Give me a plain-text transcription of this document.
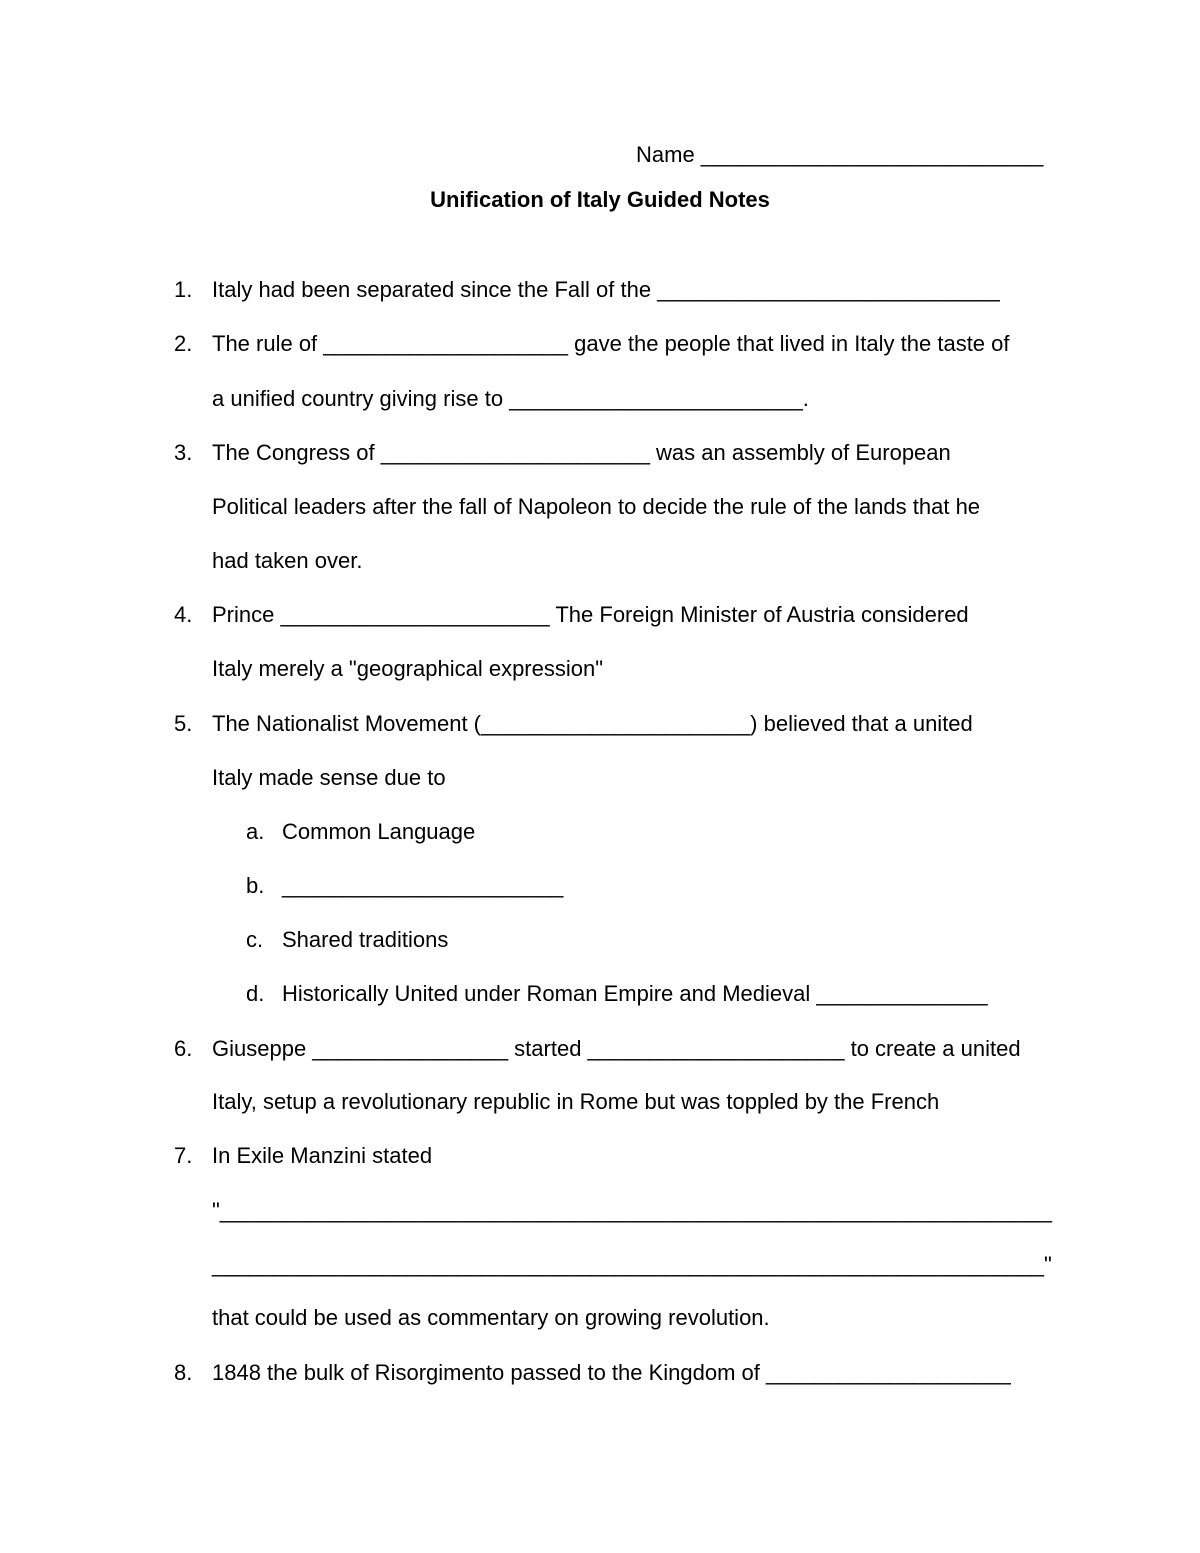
Name ____________________________
Unification of Italy Guided Notes
1. Italy had been separated since the Fall of the ____________________________
2. The rule of ____________________ gave the people that lived in Italy the taste of
a unified country giving rise to ________________________.
3. The Congress of ______________________ was an assembly of European
Political leaders after the fall of Napoleon to decide the rule of the lands that he
had taken over.
4. Prince ______________________ The Foreign Minister of Austria considered
Italy merely a "geographical expression"
5. The Nationalist Movement (______________________) believed that a united
Italy made sense due to
a. Common Language
b. _______________________
c. Shared traditions
d. Historically United under Roman Empire and Medieval ______________
6. Giuseppe ________________ started _____________________ to create a united
Italy, setup a revolutionary republic in Rome but was toppled by the French
7. In Exile Manzini stated
"____________________________________________________________________
____________________________________________________________________"
that could be used as commentary on growing revolution.
8. 1848 the bulk of Risorgimento passed to the Kingdom of ____________________
